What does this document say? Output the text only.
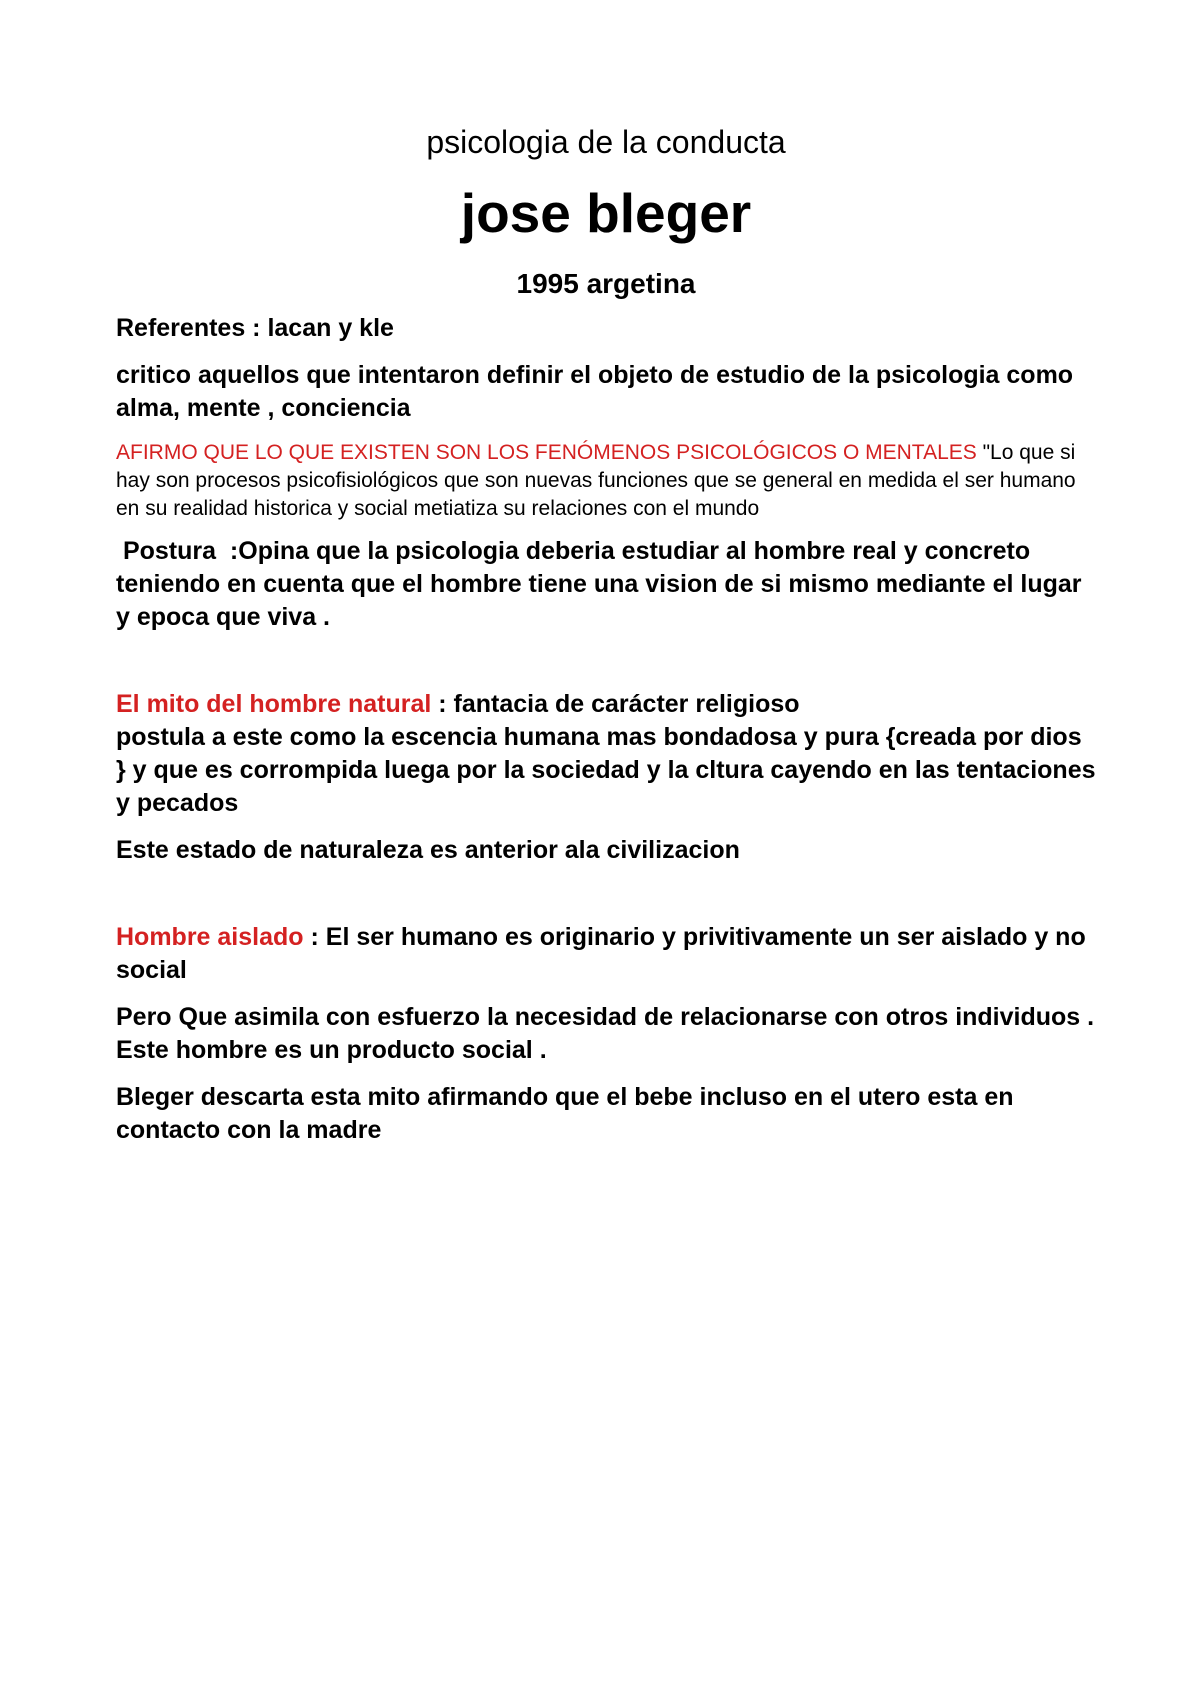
psicologia de la conducta
jose bleger
1995 argetina
Referentes : lacan y kle
critico aquellos que intentaron definir el objeto de estudio de la psicologia como alma, mente , conciencia
AFIRMO QUE LO QUE EXISTEN SON LOS FENÓMENOS PSICOLÓGICOS O MENTALES "Lo que si hay son procesos psicofisiológicos que son nuevas funciones que se general en medida el ser humano en su realidad historica y social metiatiza su relaciones con el mundo
Postura  :Opina que la psicologia deberia estudiar al hombre real y concreto teniendo en cuenta que el hombre tiene una vision de si mismo mediante el lugar y epoca que viva .
El mito del hombre natural : fantacia de carácter religioso
postula a este como la escencia humana mas bondadosa y pura {creada por dios } y que es corrompida luega por la sociedad y la cltura cayendo en las tentaciones y pecados
Este estado de naturaleza es anterior ala civilizacion
Hombre aislado : El ser humano es originario y privitivamente un ser aislado y no social
Pero Que asimila con esfuerzo la necesidad de relacionarse con otros individuos . Este hombre es un producto social .
Bleger descarta esta mito afirmando que el bebe incluso en el utero esta en contacto con la madre
